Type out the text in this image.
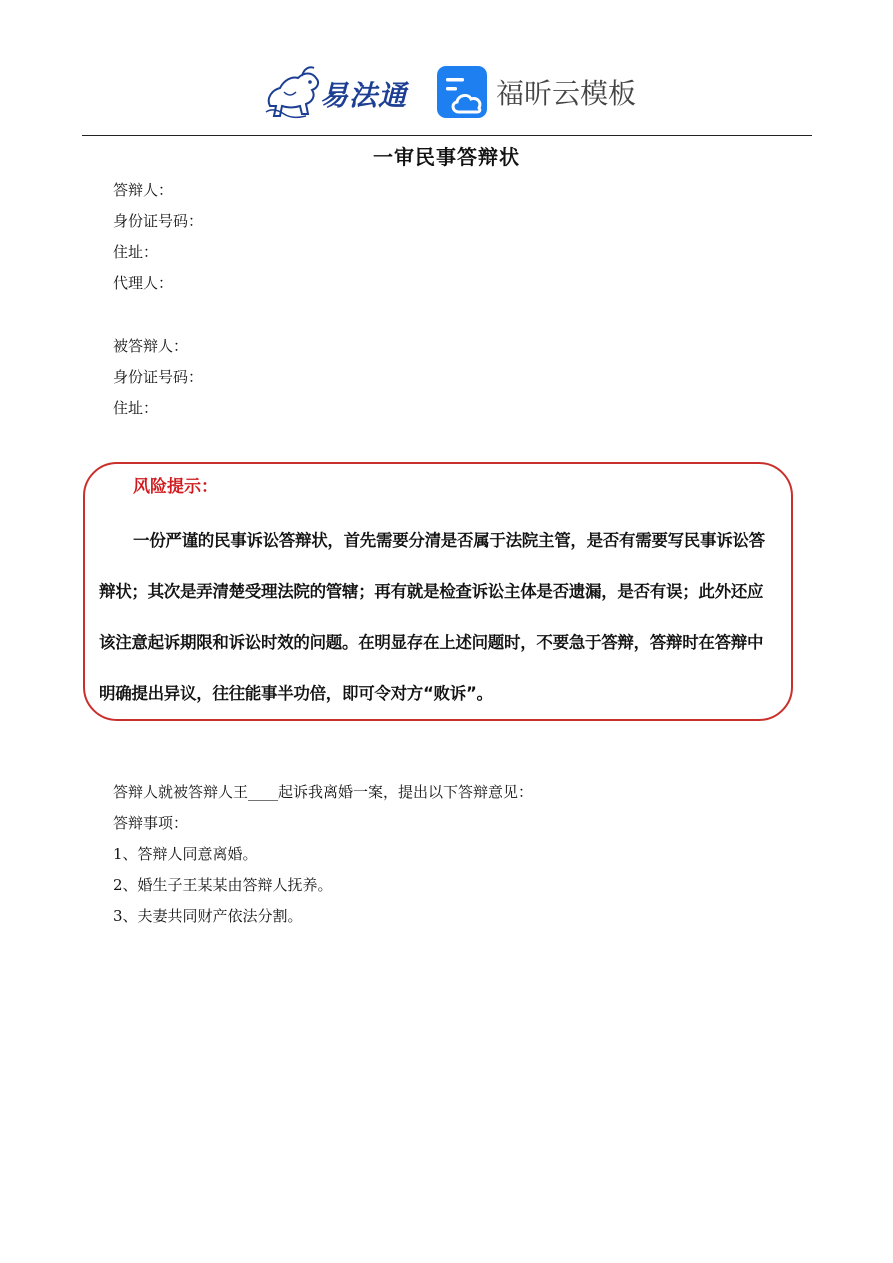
易法通	福昕云模板
一审民事答辩状
答辩人：
身份证号码：
住址：
代理人：
被答辩人：
身份证号码：
住址：
风险提示：
一份严谨的民事诉讼答辩状，首先需要分清是否属于法院主管，是否有需要写民事诉讼答辩状；其次是弄清楚受理法院的管辖；再有就是检查诉讼主体是否遗漏，是否有误；此外还应该注意起诉期限和诉讼时效的问题。在明显存在上述问题时，不要急于答辩，答辩时在答辩中明确提出异议，往往能事半功倍，即可令对方“败诉”。
答辩人就被答辩人王____起诉我离婚一案，提出以下答辩意见：
答辩事项：
1、答辩人同意离婚。
2、婚生子王某某由答辩人抚养。
3、夫妻共同财产依法分割。
